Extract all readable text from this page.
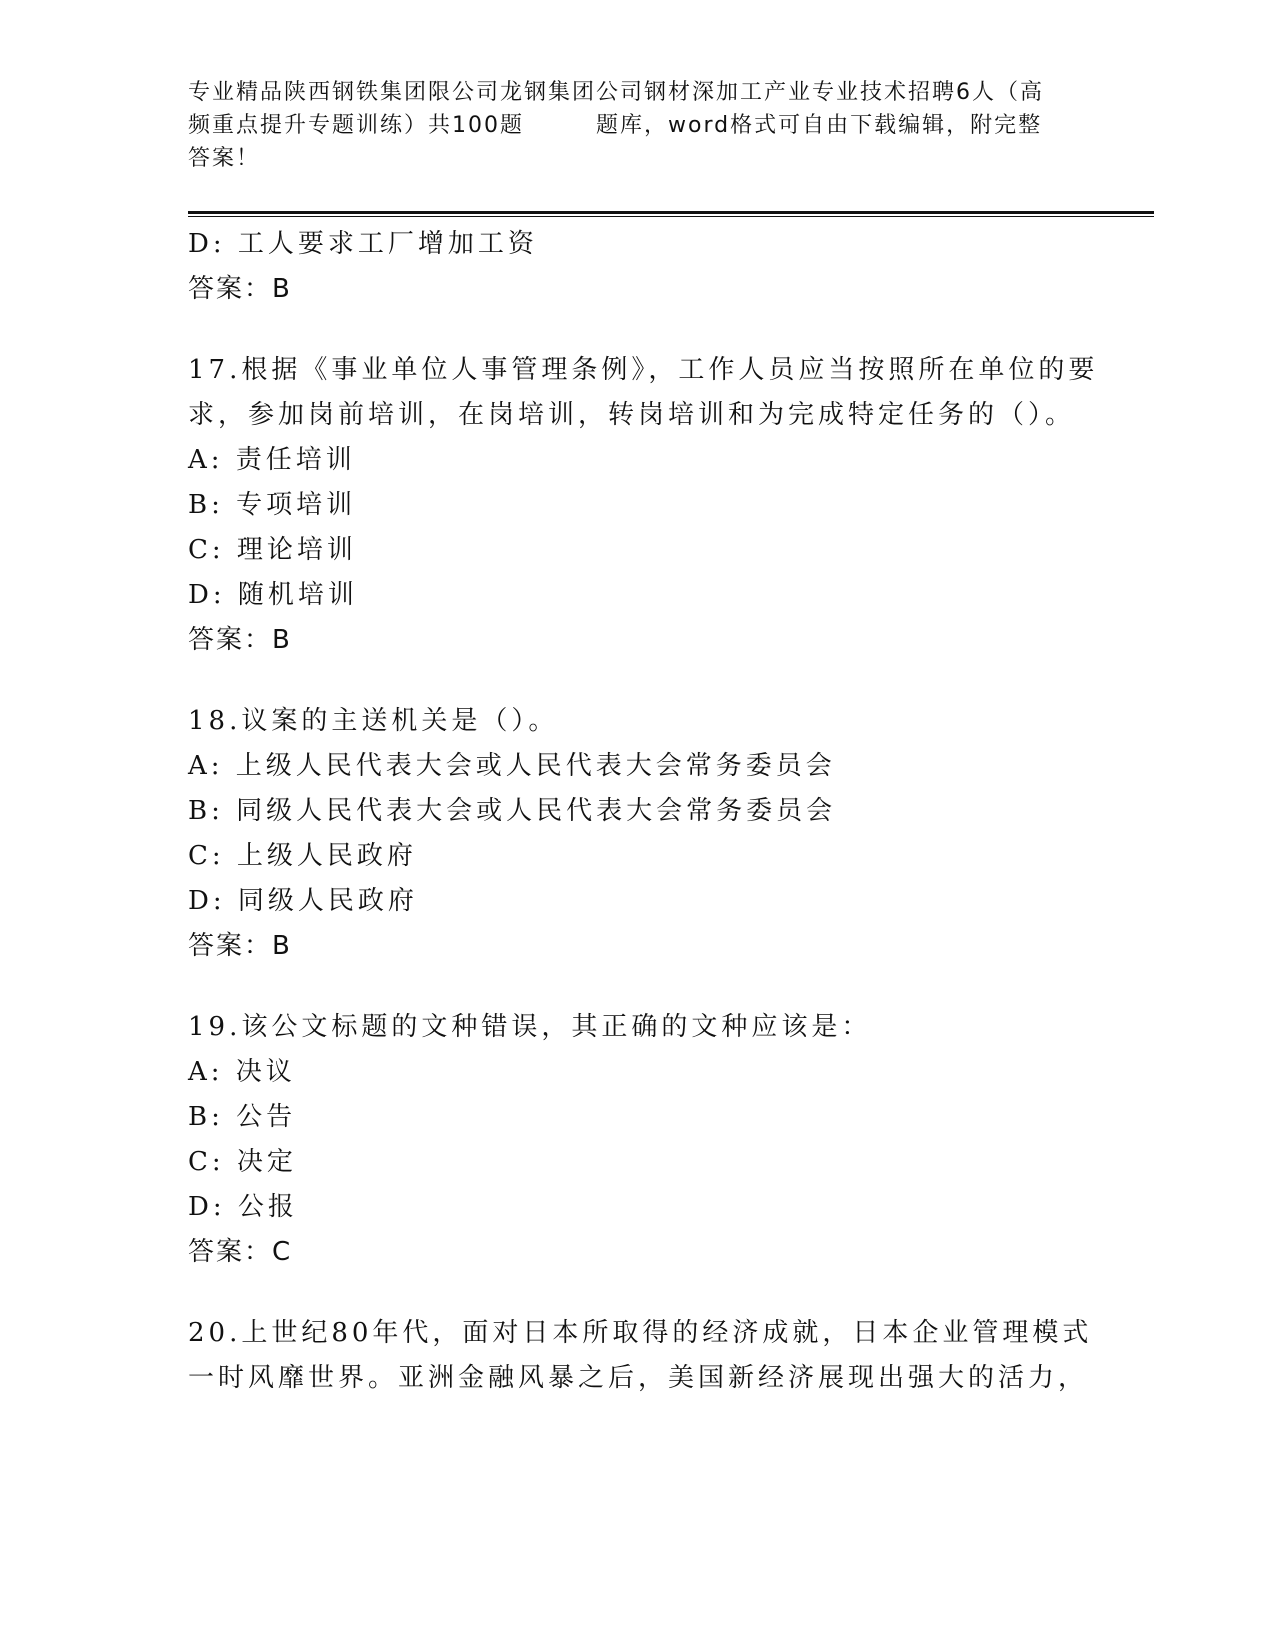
专业精品陕西钢铁集团限公司龙钢集团公司钢材深加工产业专业技术招聘6人（高
频重点提升专题训练）共100题	题库，word格式可自由下载编辑，附完整
答案！
D: 工人要求工厂增加工资
答案：B
17.根据《事业单位人事管理条例》，工作人员应当按照所在单位的要
求，参加岗前培训，在岗培训，转岗培训和为完成特定任务的（）。
A: 责任培训
B: 专项培训
C: 理论培训
D: 随机培训
答案：B
18.议案的主送机关是（）。
A: 上级人民代表大会或人民代表大会常务委员会
B: 同级人民代表大会或人民代表大会常务委员会
C: 上级人民政府
D: 同级人民政府
答案：B
19.该公文标题的文种错误，其正确的文种应该是：
A: 决议
B: 公告
C: 决定
D: 公报
答案：C
20.上世纪80年代，面对日本所取得的经济成就，日本企业管理模式
一时风靡世界。亚洲金融风暴之后，美国新经济展现出强大的活力，
